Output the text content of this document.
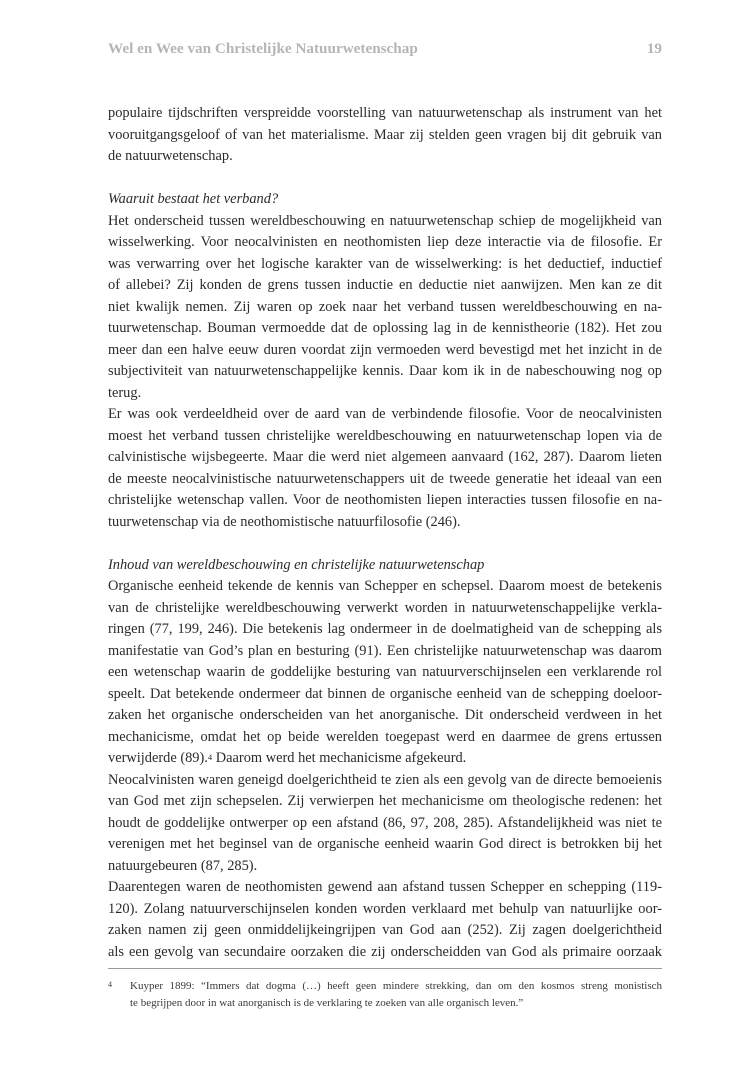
Wel en Wee van Christelijke Natuurwetenschap	19
populaire tijdschriften verspreidde voorstelling van natuurwetenschap als instrument van het
vooruitgangsgeloof of van het materialisme. Maar zij stelden geen vragen bij dit gebruik van
de natuurwetenschap.
Waaruit bestaat het verband?
Het onderscheid tussen wereldbeschouwing en natuurwetenschap schiep de mogelijkheid van
wisselwerking. Voor neocalvinisten en neothomisten liep deze interactie via de filosofie. Er
was verwarring over het logische karakter van de wisselwerking: is het deductief, inductief
of allebei? Zij konden de grens tussen inductie en deductie niet aanwijzen. Men kan ze dit
niet kwalijk nemen. Zij waren op zoek naar het verband tussen wereldbeschouwing en na-
tuurwetenschap. Bouman vermoedde dat de oplossing lag in de kennistheorie (182). Het zou
meer dan een halve eeuw duren voordat zijn vermoeden werd bevestigd met het inzicht in de
subjectiviteit van natuurwetenschappelijke kennis. Daar kom ik in de nabeschouwing nog op
terug.
Er was ook verdeeldheid over de aard van de verbindende filosofie. Voor de neocalvinisten
moest het verband tussen christelijke wereldbeschouwing en natuurwetenschap lopen via de
calvinistische wijsbegeerte. Maar die werd niet algemeen aanvaard (162, 287). Daarom lieten
de meeste neocalvinistische natuurwetenschappers uit de tweede generatie het ideaal van een
christelijke wetenschap vallen. Voor de neothomisten liepen interacties tussen filosofie en na-
tuurwetenschap via de neothomistische natuurfilosofie (246).
Inhoud van wereldbeschouwing en christelijke natuurwetenschap
Organische eenheid tekende de kennis van Schepper en schepsel. Daarom moest de betekenis
van de christelijke wereldbeschouwing verwerkt worden in natuurwetenschappelijke verkla-
ringen (77, 199, 246). Die betekenis lag ondermeer in de doelmatigheid van de schepping als
manifestatie van God’s plan en besturing (91). Een christelijke natuurwetenschap was daarom
een wetenschap waarin de goddelijke besturing van natuurverschijnselen een verklarende rol
speelt. Dat betekende ondermeer dat binnen de organische eenheid van de schepping doeloor-
zaken het organische onderscheiden van het anorganische. Dit onderscheid verdween in het
mechanicisme, omdat het op beide werelden toegepast werd en daarmee de grens ertussen
verwijderde (89).$^4$ Daarom werd het mechanicisme afgekeurd.
Neocalvinisten waren geneigd doelgerichtheid te zien als een gevolg van de directe bemoeienis
van God met zijn schepselen. Zij verwierpen het mechanicisme om theologische redenen: het
houdt de goddelijke ontwerper op een afstand (86, 97, 208, 285). Afstandelijkheid was niet te
verenigen met het beginsel van de organische eenheid waarin God direct is betrokken bij het
natuurgebeuren (87, 285).
Daarentegen waren de neothomisten gewend aan afstand tussen Schepper en schepping (119-
120). Zolang natuurverschijnselen konden worden verklaard met behulp van natuurlijke oor-
zaken namen zij geen onmiddelijkeingrijpen van God aan (252). Zij zagen doelgerichtheid
als een gevolg van secundaire oorzaken die zij onderscheidden van God als primaire oorzaak
4 Kuyper 1899: “Immers dat dogma (…) heeft geen mindere strekking, dan om den kosmos streng monistisch
te begrijpen door in wat anorganisch is de verklaring te zoeken van alle organisch leven.”
